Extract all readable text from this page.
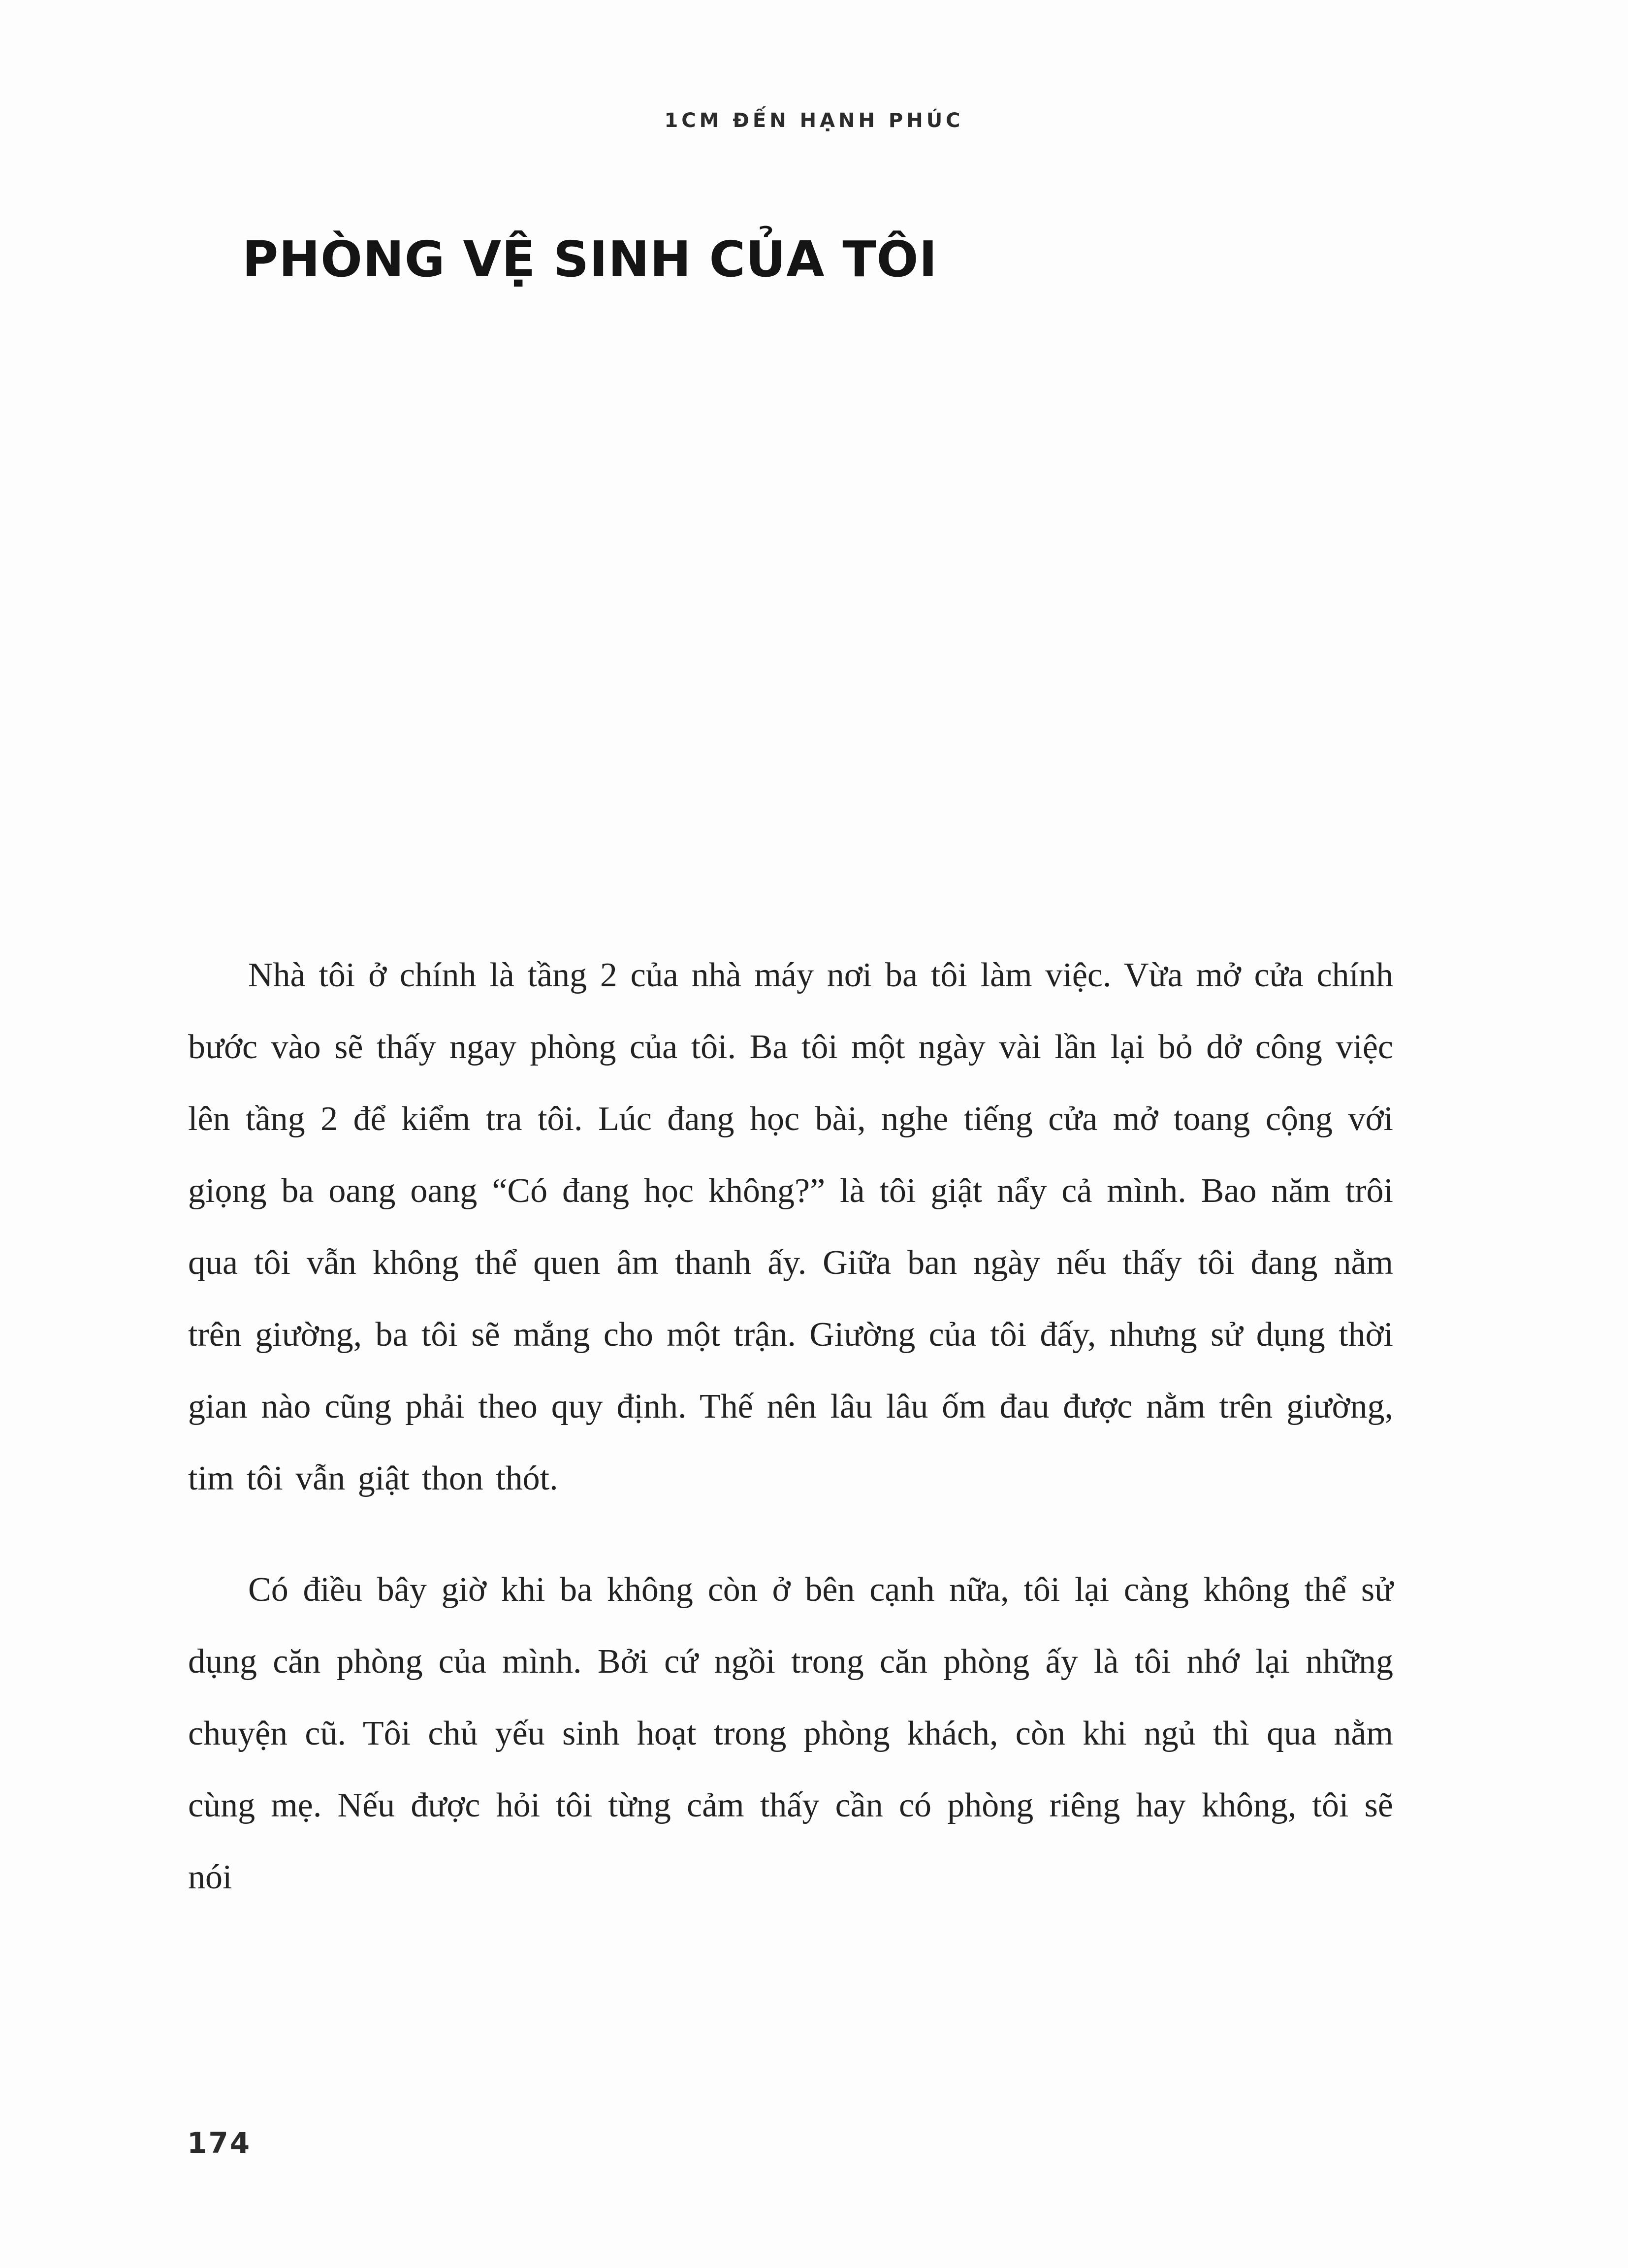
1CM ĐẾN HẠNH PHÚC
PHÒNG VỆ SINH CỦA TÔI

Nhà tôi ở chính là tầng 2 của nhà máy nơi ba tôi làm việc. Vừa mở cửa chính bước vào sẽ thấy ngay phòng của tôi. Ba tôi một ngày vài lần lại bỏ dở công việc lên tầng 2 để kiểm tra tôi. Lúc đang học bài, nghe tiếng cửa mở toang cộng với giọng ba oang oang “Có đang học không?” là tôi giật nẩy cả mình. Bao năm trôi qua tôi vẫn không thể quen âm thanh ấy. Giữa ban ngày nếu thấy tôi đang nằm trên giường, ba tôi sẽ mắng cho một trận. Giường của tôi đấy, nhưng sử dụng thời gian nào cũng phải theo quy định. Thế nên lâu lâu ốm đau được nằm trên giường, tim tôi vẫn giật thon thót.

Có điều bây giờ khi ba không còn ở bên cạnh nữa, tôi lại càng không thể sử dụng căn phòng của mình. Bởi cứ ngồi trong căn phòng ấy là tôi nhớ lại những chuyện cũ. Tôi chủ yếu sinh hoạt trong phòng khách, còn khi ngủ thì qua nằm cùng mẹ. Nếu được hỏi tôi từng cảm thấy cần có phòng riêng hay không, tôi sẽ nói

174
